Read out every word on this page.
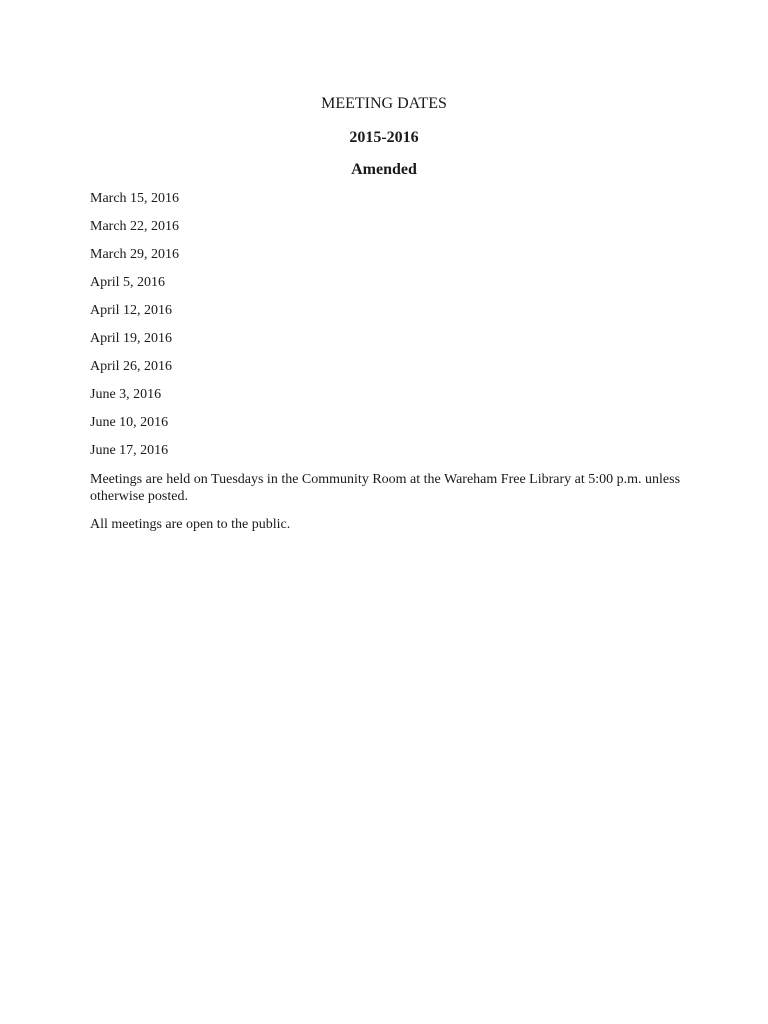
MEETING DATES

2015-2016

Amended

March 15, 2016
March 22, 2016
March 29, 2016
April 5, 2016
April 12, 2016
April 19, 2016
April 26, 2016
June 3, 2016
June 10, 2016
June 17, 2016

Meetings are held on Tuesdays in the Community Room at the Wareham Free Library at 5:00 p.m. unless otherwise posted.

All meetings are open to the public.
